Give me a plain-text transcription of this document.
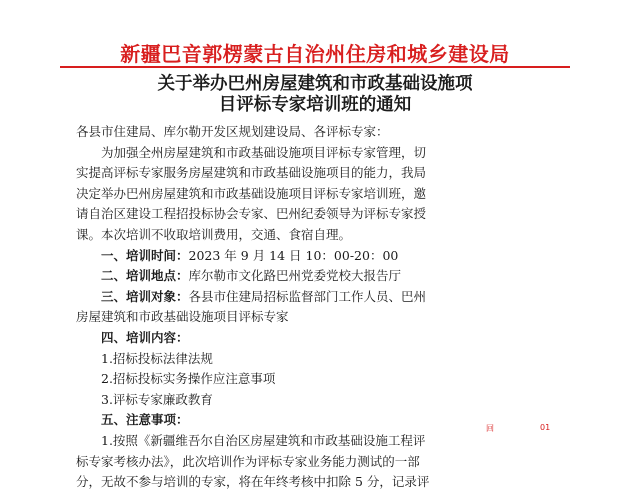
新疆巴音郭楞蒙古自治州住房和城乡建设局
关于举办巴州房屋建筑和市政基础设施项
目评标专家培训班的通知
各县市住建局、库尔勒开发区规划建设局、各评标专家：
为加强全州房屋建筑和市政基础设施项目评标专家管理，切
实提高评标专家服务房屋建筑和市政基础设施项目的能力，我局
决定举办巴州房屋建筑和市政基础设施项目评标专家培训班，邀
请自治区建设工程招投标协会专家、巴州纪委领导为评标专家授
课。本次培训不收取培训费用，交通、食宿自理。
一、培训时间：2023 年 9 月 14 日 10：00-20：00
二、培训地点：库尔勒市文化路巴州党委党校大报告厅
三、培训对象：各县市住建局招标监督部门工作人员、巴州
房屋建筑和市政基础设施项目评标专家
四、培训内容：
1.招标投标法律法规
2.招标投标实务操作应注意事项
3.评标专家廉政教育
五、注意事项：
1.按照《新疆维吾尔自治区房屋建筑和市政基础设施工程评
标专家考核办法》，此次培训作为评标专家业务能力测试的一部
分，无故不参与培训的专家，将在年终考核中扣除 5 分，记录评
回	01
